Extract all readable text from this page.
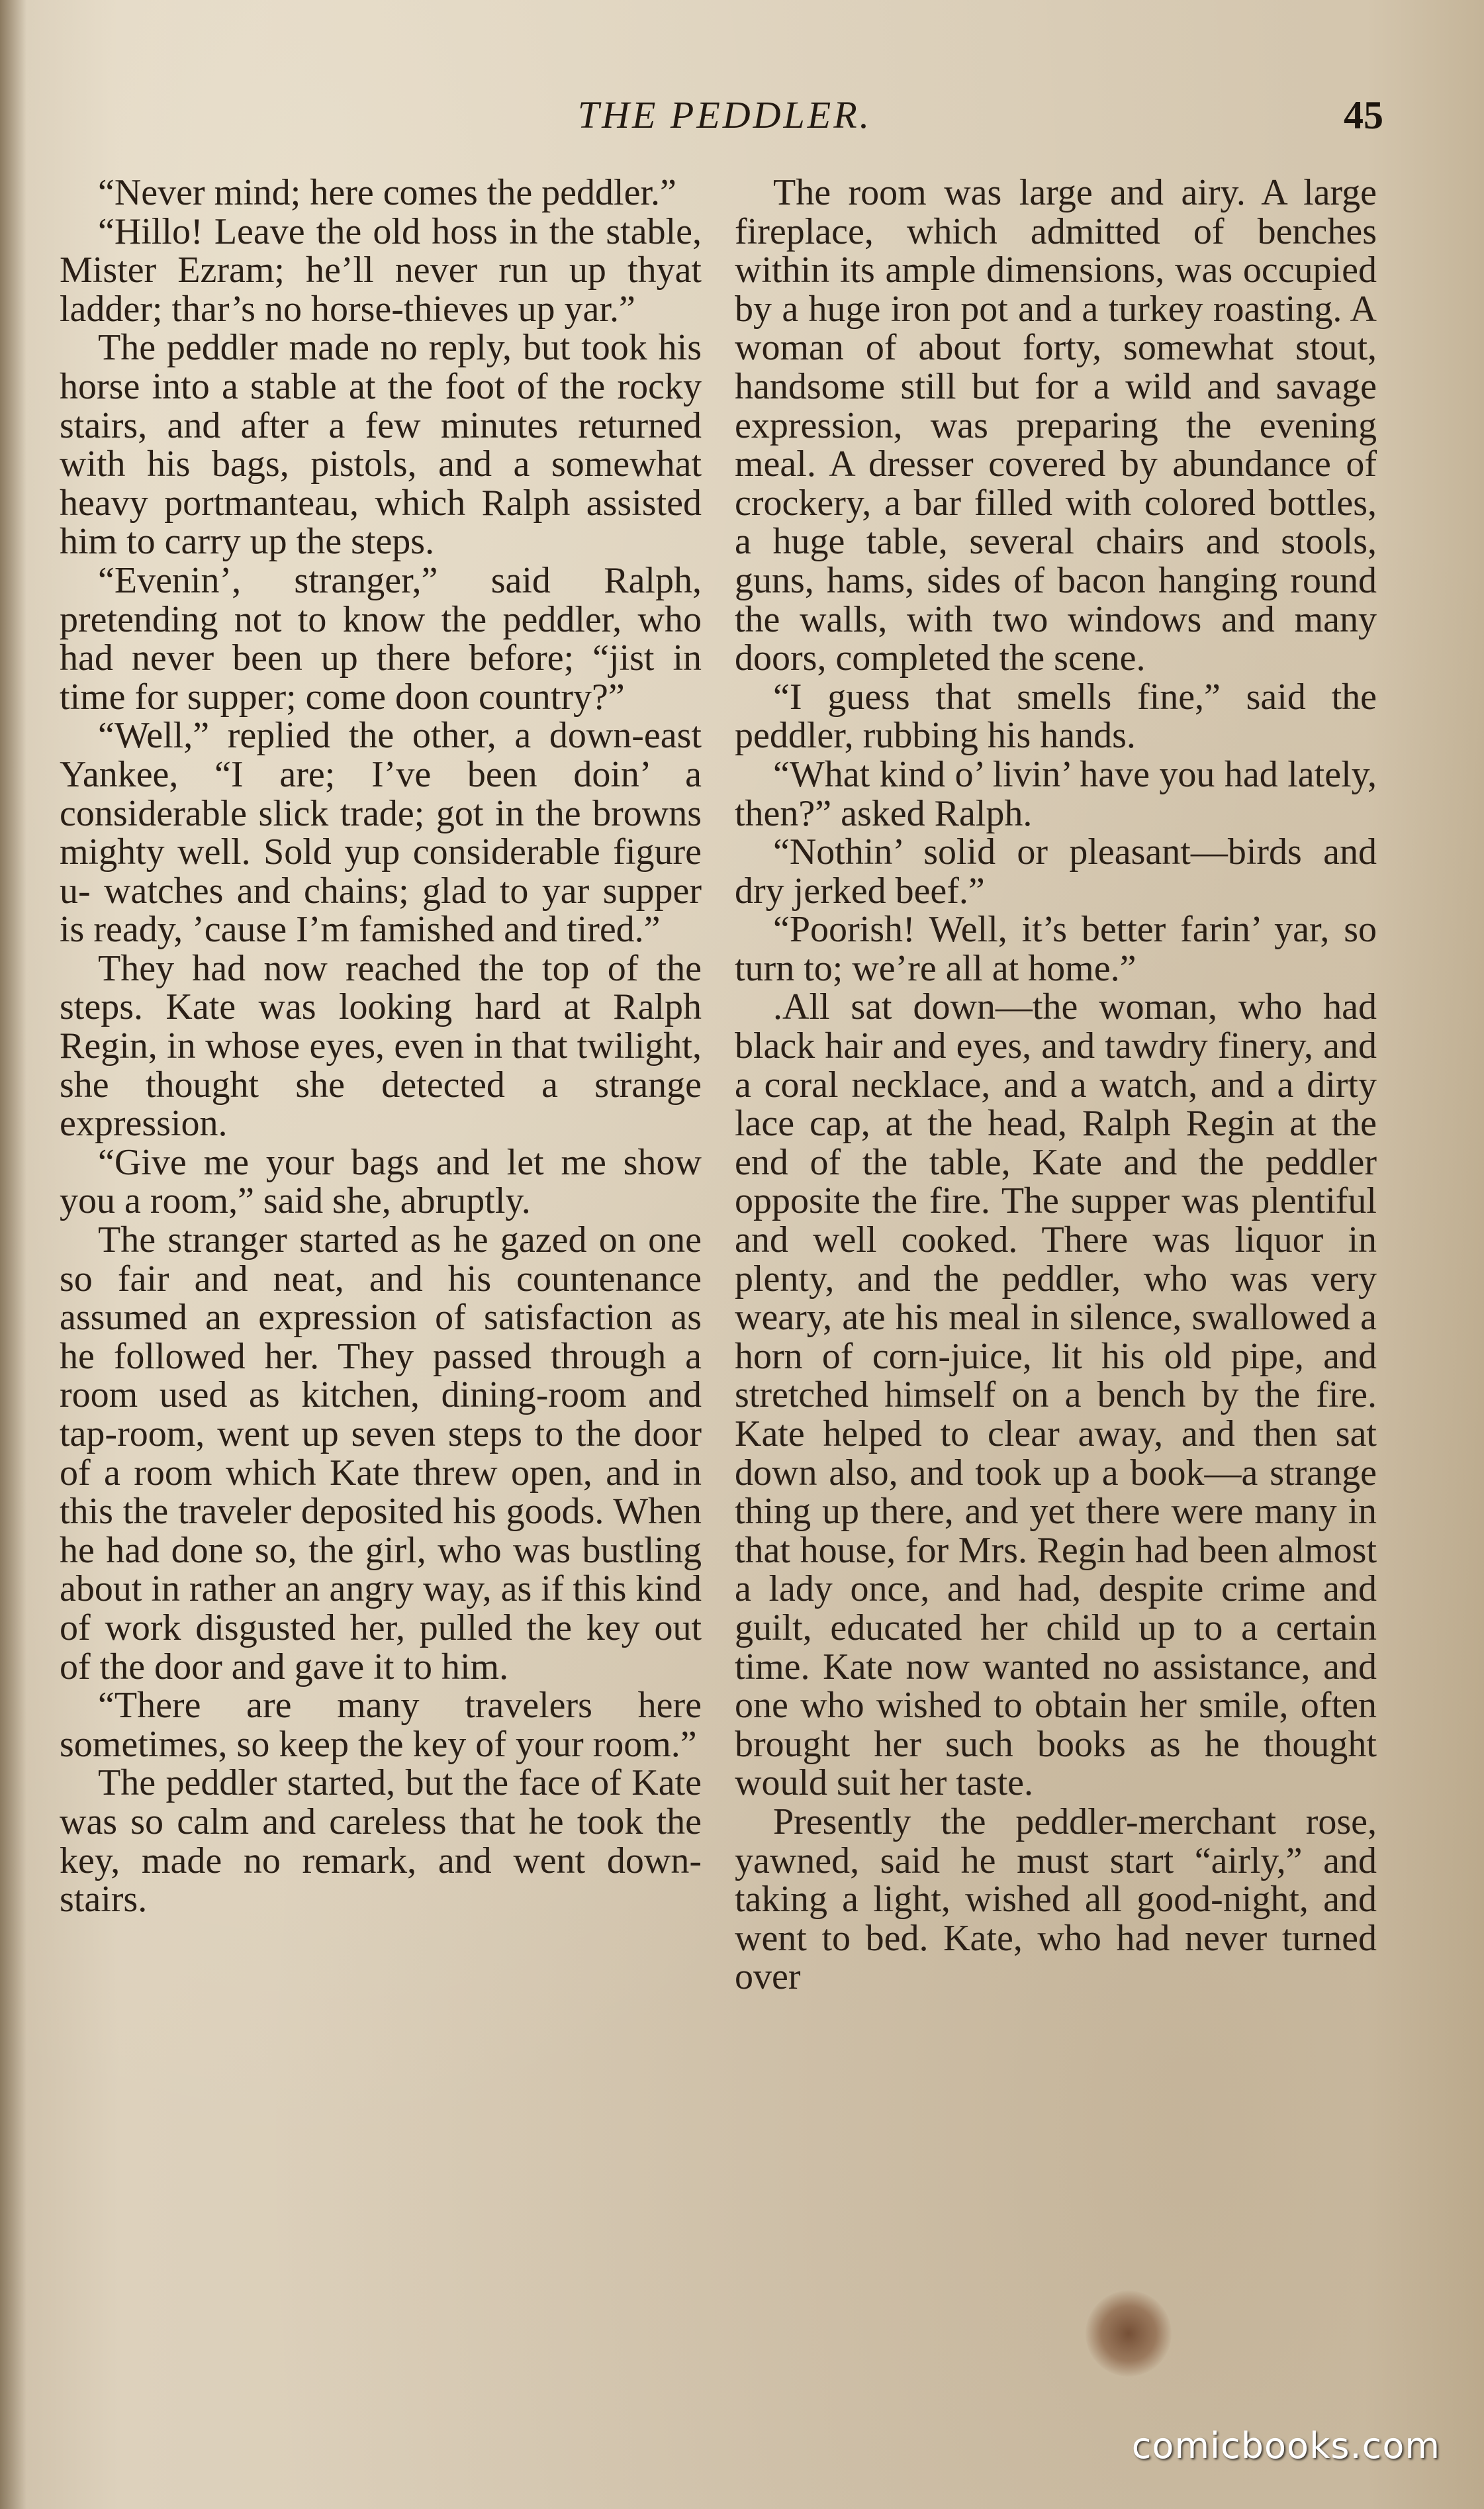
THE PEDDLER.	45

“Never mind; here comes the peddler.”

“Hillo! Leave the old hoss in the stable, Mister Ezram; he’ll never run up thyat ladder; thar’s no horse-thieves up yar.”

The peddler made no reply, but took his horse into a stable at the foot of the rocky stairs, and after a few minutes returned with his bags, pistols, and a somewhat heavy portmanteau, which Ralph assisted him to carry up the steps.

“Evenin’, stranger,” said Ralph, pretending not to know the peddler, who had never been up there before; “jist in time for supper; come doon country?”

“Well,” replied the other, a down-east Yankee, “I are; I’ve been doin’ a considerable slick trade; got in the browns mighty well. Sold yup considerable figure u- watches and chains; glad to yar supper is ready, ’cause I’m famished and tired.”

They had now reached the top of the steps. Kate was looking hard at Ralph Regin, in whose eyes, even in that twilight, she thought she detected a strange expression.

“Give me your bags and let me show you a room,” said she, abruptly.

The stranger started as he gazed on one so fair and neat, and his countenance assumed an expression of satisfaction as he followed her. They passed through a room used as kitchen, dining-room and tap-room, went up seven steps to the door of a room which Kate threw open, and in this the traveler deposited his goods. When he had done so, the girl, who was bustling about in rather an angry way, as if this kind of work disgusted her, pulled the key out of the door and gave it to him.

“There are many travelers here sometimes, so keep the key of your room.”

The peddler started, but the face of Kate was so calm and careless that he took the key, made no remark, and went down-stairs.

The room was large and airy. A large fireplace, which admitted of benches within its ample dimensions, was occupied by a huge iron pot and a turkey roasting. A woman of about forty, somewhat stout, handsome still but for a wild and savage expression, was preparing the evening meal. A dresser covered by abundance of crockery, a bar filled with colored bottles, a huge table, several chairs and stools, guns, hams, sides of bacon hanging round the walls, with two windows and many doors, completed the scene.

“I guess that smells fine,” said the peddler, rubbing his hands.

“What kind o’ livin’ have you had lately, then?” asked Ralph.

“Nothin’ solid or pleasant—birds and dry jerked beef.”

“Poorish! Well, it’s better farin’ yar, so turn to; we’re all at home.”

.All sat down—the woman, who had black hair and eyes, and tawdry finery, and a coral necklace, and a watch, and a dirty lace cap, at the head, Ralph Regin at the end of the table, Kate and the peddler opposite the fire. The supper was plentiful and well cooked. There was liquor in plenty, and the peddler, who was very weary, ate his meal in silence, swallowed a horn of corn-juice, lit his old pipe, and stretched himself on a bench by the fire. Kate helped to clear away, and then sat down also, and took up a book—a strange thing up there, and yet there were many in that house, for Mrs. Regin had been almost a lady once, and had, despite crime and guilt, educated her child up to a certain time. Kate now wanted no assistance, and one who wished to obtain her smile, often brought her such books as he thought would suit her taste.

Presently the peddler-merchant rose, yawned, said he must start “airly,” and taking a light, wished all good-night, and went to bed. Kate, who had never turned over

comicbooks.com
